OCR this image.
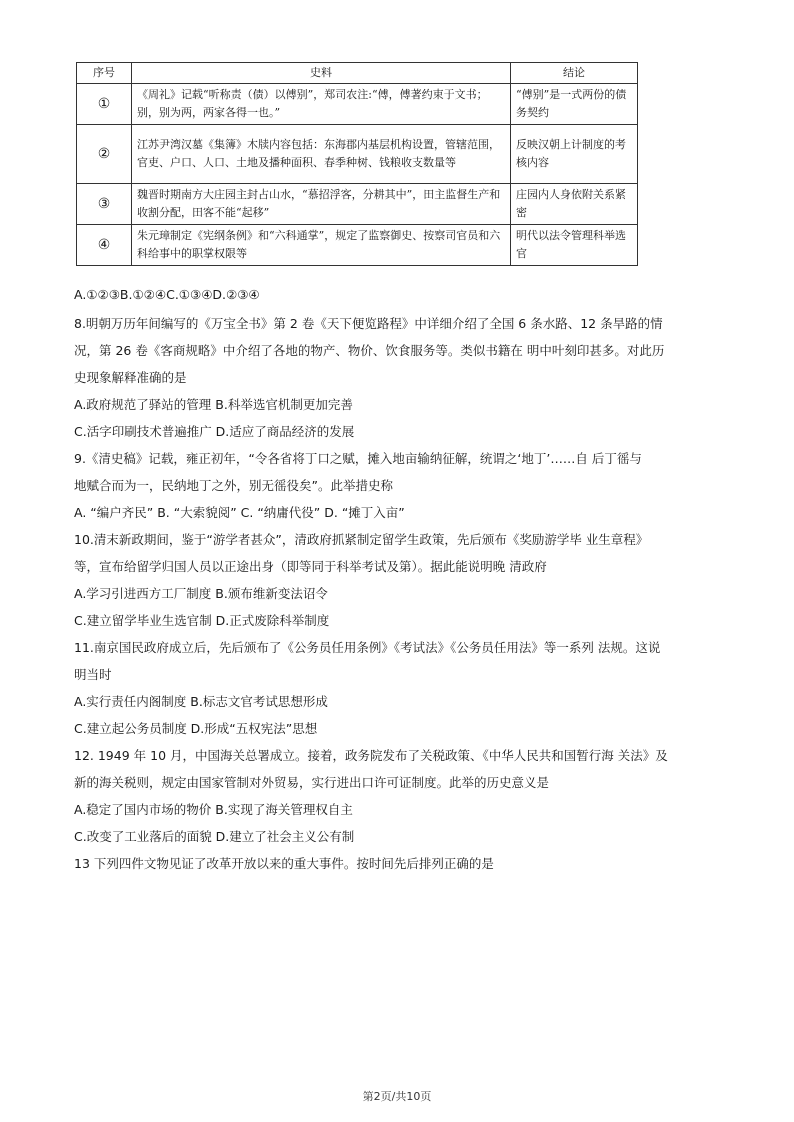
序号	史料	结论
①	《周礼》记载“听称责（债）以傅别”，郑司农注:“傅，傅著约束于文书；别，别为两，两家各得一也。”	“傅别”是一式两份的债务契约
②	江苏尹湾汉墓《集簿》木牍内容包括：东海郡内基层机构设置，管辖范围，官吏、户口、人口、土地及播种面积、春季种树、钱粮收支数量等	反映汉朝上计制度的考核内容
③	魏晋时期南方大庄园主封占山水，“慕招浮客，分耕其中”，田主监督生产和收割分配，田客不能“起移”	庄园内人身依附关系紧密
④	朱元璋制定《宪纲条例》和“六科通掌”，规定了监察御史、按察司官员和六科给事中的职掌权限等	明代以法令管理科举选官
A.①②③B.①②④C.①③④D.②③④
8.明朝万历年间编写的《万宝全书》第 2 卷《天下便览路程》中详细介绍了全国 6 条水路、12 条旱路的情
况，第 26 卷《客商规略》中介绍了各地的物产、物价、饮食服务等。类似书籍在 明中叶刻印甚多。对此历
史现象解释准确的是
A.政府规范了驿站的管理 B.科举选官机制更加完善
C.活字印刷技术普遍推广 D.适应了商品经济的发展
9.《清史稿》记载，雍正初年，“令各省将丁口之赋，摊入地亩输纳征解，统谓之‘地丁’……自 后丁徭与
地赋合而为一，民纳地丁之外，别无徭役矣”。此举措史称
A. “编户齐民” B. “大索貌阅” C. “纳庸代役” D. “摊丁入亩”
10.清末新政期间，鉴于“游学者甚众”，清政府抓紧制定留学生政策，先后颁布《奖励游学毕 业生章程》
等，宣布给留学归国人员以正途出身（即等同于科举考试及第）。据此能说明晚 清政府
A.学习引进西方工厂制度 B.颁布维新变法诏令
C.建立留学毕业生选官制 D.正式废除科举制度
11.南京国民政府成立后，先后颁布了《公务员任用条例》《考试法》《公务员任用法》等一系列 法规。这说
明当时
A.实行责任内阁制度 B.标志文官考试思想形成
C.建立起公务员制度 D.形成“五权宪法”思想
12. 1949 年 10 月，中国海关总署成立。接着，政务院发布了关税政策、《中华人民共和国暂行海 关法》及
新的海关税则，规定由国家管制对外贸易，实行进出口许可证制度。此举的历史意义是
A.稳定了国内市场的物价 B.实现了海关管理权自主
C.改变了工业落后的面貌 D.建立了社会主义公有制
13 下列四件文物见证了改革开放以来的重大事件。按时间先后排列正确的是
第2页/共10页
